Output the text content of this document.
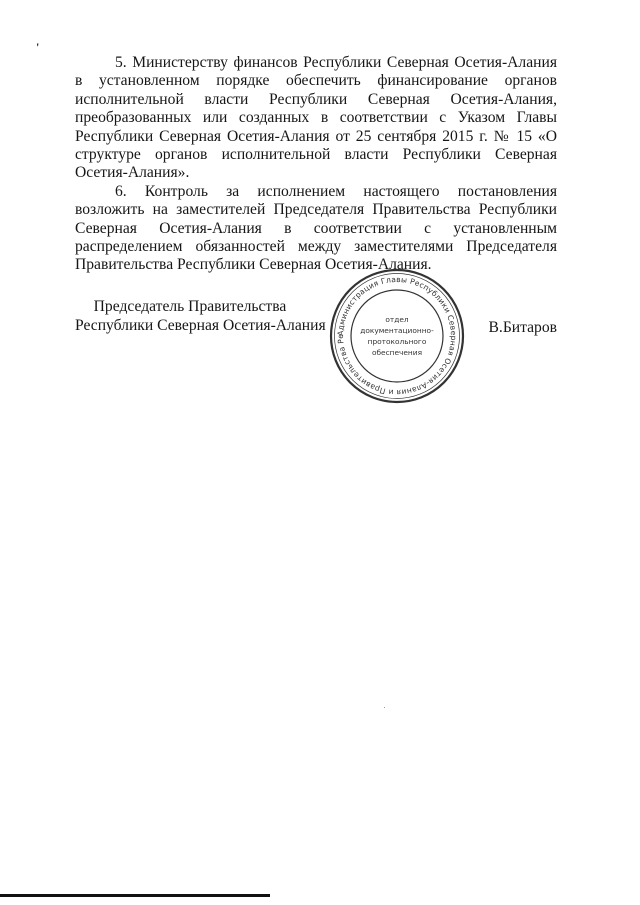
'

5. Министерству финансов Республики Северная Осетия-Алания в установленном порядке обеспечить финансирование органов исполнительной власти Республики Северная Осетия-Алания, преобразованных или созданных в соответствии с Указом Главы Республики Северная Осетия-Алания от 25 сентября 2015 г. № 15 «О структуре органов исполнительной власти Республики Северная Осетия-Алания».

6. Контроль за исполнением настоящего постановления возложить на заместителей Председателя Правительства Республики Северная Осетия-Алания в соответствии с установленным распределением обязанностей между заместителями Председателя Правительства Республики Северная Осетия-Алания.

Председатель Правительства
Республики Северная Осетия-Алания	Администрация Главы Республики Северная Осетия-Алания и Правительства Ре
отдел
документационно-
протокольного
обеспечения
В.Битаров
